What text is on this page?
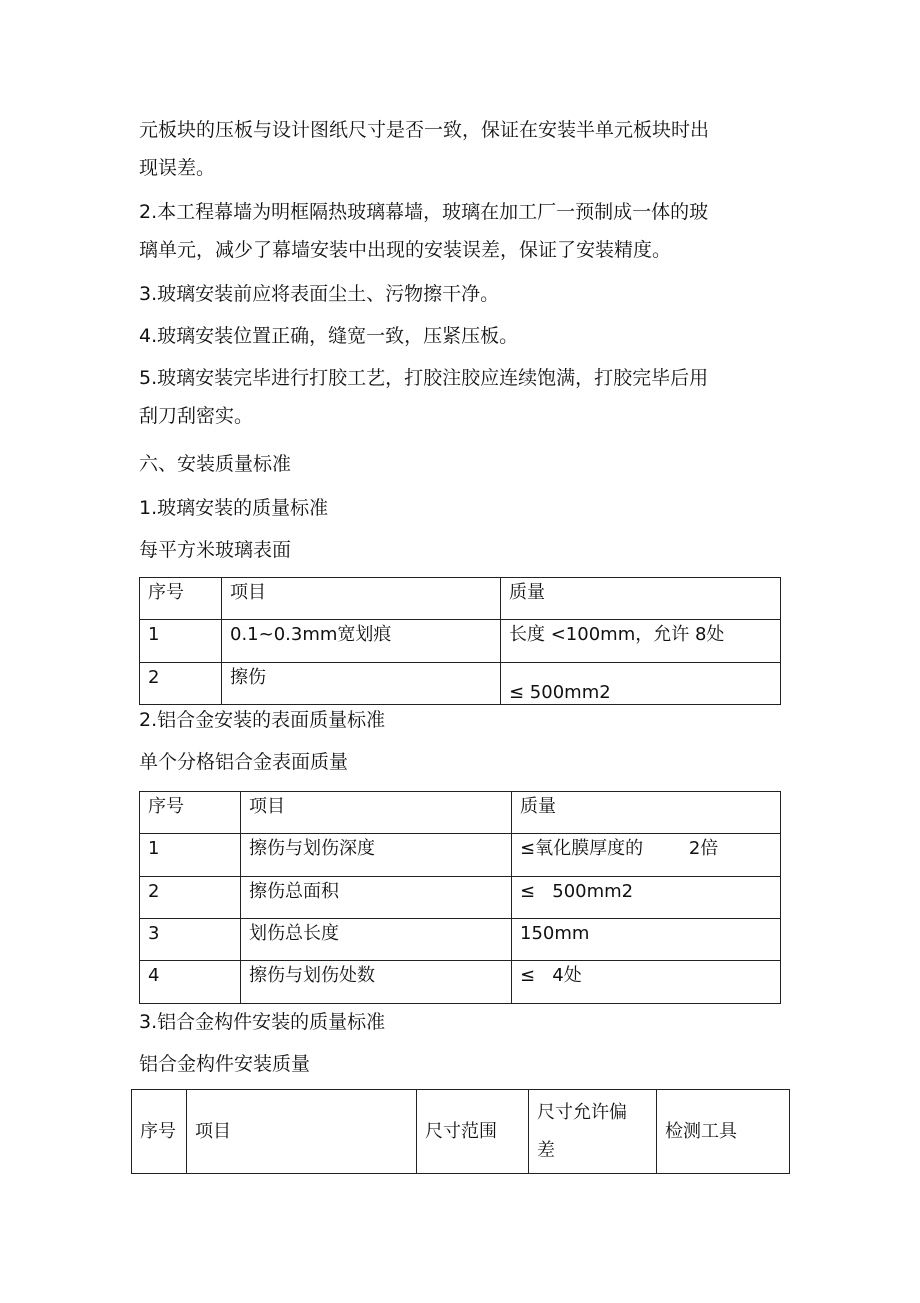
元板块的压板与设计图纸尺寸是否一致，保证在安装半单元板块时出
现误差。
2.本工程幕墙为明框隔热玻璃幕墙，玻璃在加工厂一预制成一体的玻
璃单元，减少了幕墙安装中出现的安装误差，保证了安装精度。
3.玻璃安装前应将表面尘土、污物擦干净。
4.玻璃安装位置正确，缝宽一致，压紧压板。
5.玻璃安装完毕进行打胶工艺，打胶注胶应连续饱满，打胶完毕后用
刮刀刮密实。
六、安装质量标准
1.玻璃安装的质量标准
每平方米玻璃表面
序号	项目	质量
1	0.1~0.3mm宽划痕	长度 <100mm，允许 8处
2	擦伤	≤ 500mm2
2.铝合金安装的表面质量标准
单个分格铝合金表面质量
序号	项目	质量
1	擦伤与划伤深度	≤氧化膜厚度的        2倍
2	擦伤总面积	≤   500mm2
3	划伤总长度	150mm
4	擦伤与划伤处数	≤   4处
3.铝合金构件安装的质量标准
铝合金构件安装质量
序号	项目	尺寸范围	尺寸允许偏差	检测工具
